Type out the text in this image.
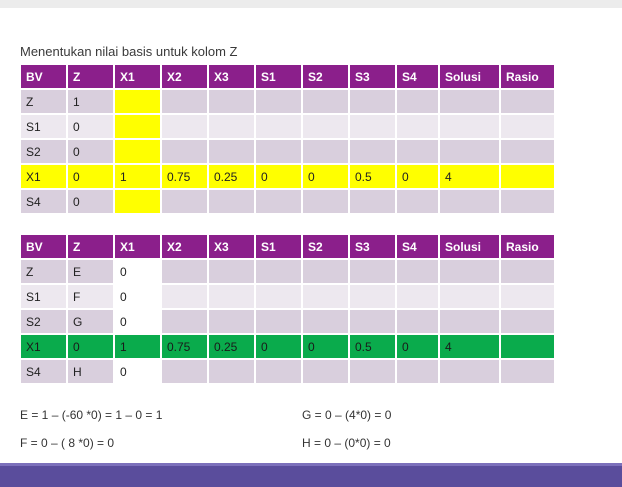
Menentukan nilai basis untuk kolom Z
BV	Z	X1	X2	X3	S1	S2	S3	S4	Solusi	Rasio
Z	1									
S1	0									
S2	0									
X1	0	1	0.75	0.25	0	0	0.5	0	4	
S4	0									
BV	Z	X1	X2	X3	S1	S2	S3	S4	Solusi	Rasio
Z	E	0								
S1	F	0								
S2	G	0								
X1	0	1	0.75	0.25	0	0	0.5	0	4	
S4	H	0								
E = 1 – (-60 *0) = 1 – 0 = 1
F = 0 – ( 8 *0) = 0
G = 0 – (4*0) = 0
H = 0 – (0*0) = 0
